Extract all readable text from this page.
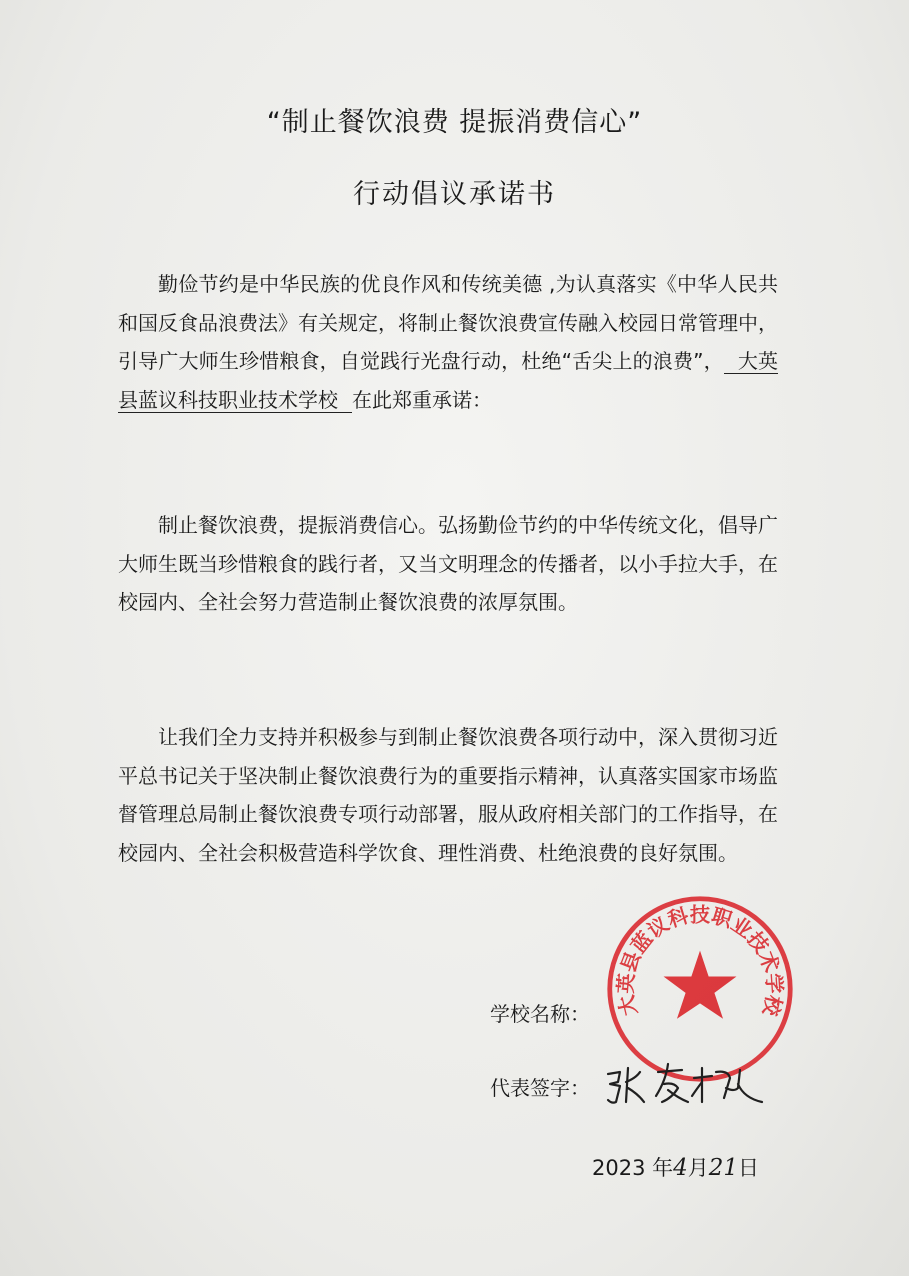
“制止餐饮浪费 提振消费信心”
行动倡议承诺书

勤俭节约是中华民族的优良作风和传统美德 ,为认真落实《中华人民共和国反食品浪费法》有关规定，将制止餐饮浪费宣传融入校园日常管理中，引导广大师生珍惜粮食，自觉践行光盘行动，杜绝“舌尖上的浪费”， 大英县蓝议科技职业技术学校 在此郑重承诺：

制止餐饮浪费，提振消费信心。弘扬勤俭节约的中华传统文化，倡导广大师生既当珍惜粮食的践行者，又当文明理念的传播者，以小手拉大手，在校园内、全社会努力营造制止餐饮浪费的浓厚氛围。

让我们全力支持并积极参与到制止餐饮浪费各项行动中，深入贯彻习近平总书记关于坚决制止餐饮浪费行为的重要指示精神，认真落实国家市场监督管理总局制止餐饮浪费专项行动部署，服从政府相关部门的工作指导，在校园内、全社会积极营造科学饮食、理性消费、杜绝浪费的良好氛围。

大英县蓝议科技职业技术学校
学校名称：
代表签字：
2023 年4月21日
